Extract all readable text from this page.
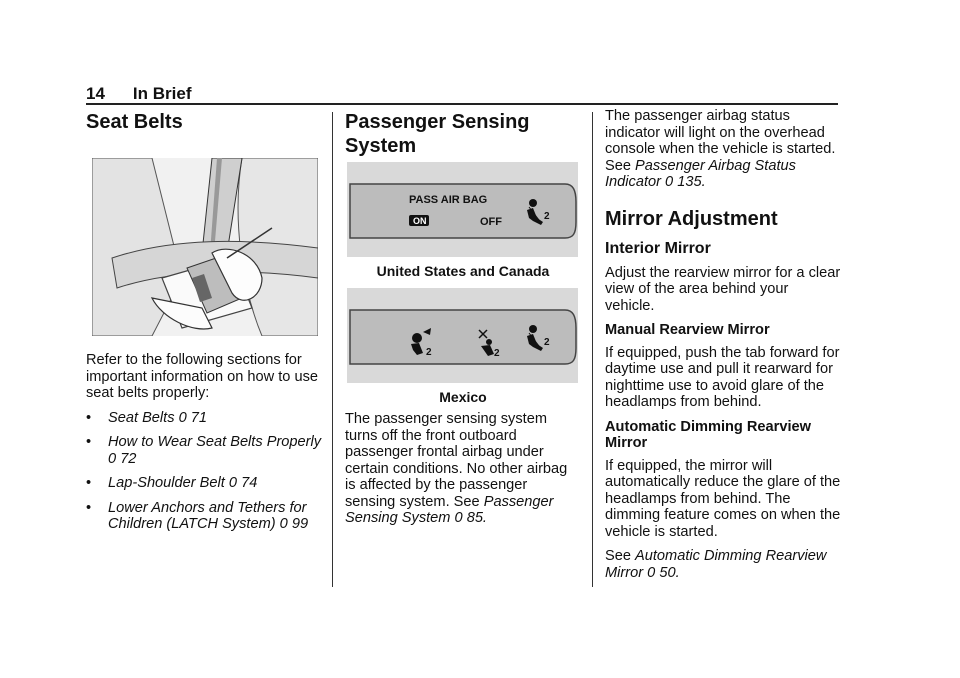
14 In Brief
Seat Belts

Refer to the following sections for important information on how to use seat belts properly:

•	Seat Belts 0 71
•	How to Wear Seat Belts Properly
0 72
•	Lap-Shoulder Belt 0 74
•	Lower Anchors and Tethers for Children (LATCH System) 0 99
Passenger Sensing System
PASS AIR BAG
ON	OFF	2

United States and Canada

2	2
2

Mexico

The passenger sensing system turns off the front outboard passenger frontal airbag under certain conditions. No other airbag is affected by the passenger sensing system. See Passenger Sensing System 0 85.

The passenger airbag status indicator will light on the overhead console when the vehicle is started. See Passenger Airbag Status Indicator 0 135.

Mirror Adjustment
Interior Mirror

Adjust the rearview mirror for a clear view of the area behind your vehicle.

Manual Rearview Mirror

If equipped, push the tab forward for daytime use and pull it rearward for nighttime use to avoid glare of the headlamps from behind.

Automatic Dimming Rearview Mirror

If equipped, the mirror will automatically reduce the glare of the headlamps from behind. The dimming feature comes on when the vehicle is started.

See Automatic Dimming Rearview Mirror 0 50.
